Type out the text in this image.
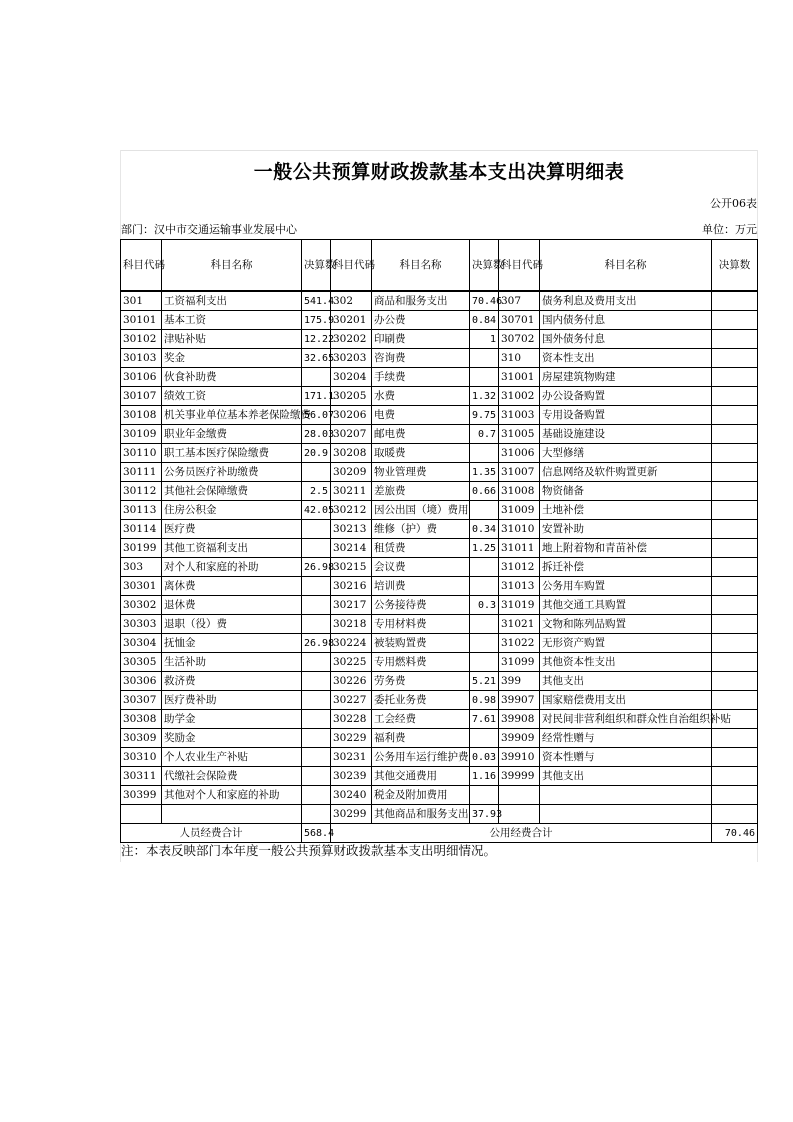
一般公共预算财政拨款基本支出决算明细表
公开06表
部门：汉中市交通运输事业发展中心	单位：万元
科目代码	科目名称	决算数	科目代码	科目名称	决算数	科目代码	科目名称	决算数
301	工资福利支出	541.4	302	商品和服务支出	70.46	307	债务利息及费用支出	
30101	基本工资	175.9	30201	办公费	0.84	30701	国内债务付息	
30102	津贴补贴	12.22	30202	印刷费	1	30702	国外债务付息	
30103	奖金	32.65	30203	咨询费		310	资本性支出	
30106	伙食补助费		30204	手续费		31001	房屋建筑物购建	
30107	绩效工资	171.1	30205	水费	1.32	31002	办公设备购置	
30108	机关事业单位基本养老保险缴费	56.07	30206	电费	9.75	31003	专用设备购置	
30109	职业年金缴费	28.03	30207	邮电费	0.7	31005	基础设施建设	
30110	职工基本医疗保险缴费	20.9	30208	取暖费		31006	大型修缮	
30111	公务员医疗补助缴费		30209	物业管理费	1.35	31007	信息网络及软件购置更新	
30112	其他社会保障缴费	2.5	30211	差旅费	0.66	31008	物资储备	
30113	住房公积金	42.05	30212	因公出国（境）费用		31009	土地补偿	
30114	医疗费		30213	维修（护）费	0.34	31010	安置补助	
30199	其他工资福利支出		30214	租赁费	1.25	31011	地上附着物和青苗补偿	
303	对个人和家庭的补助	26.98	30215	会议费		31012	拆迁补偿	
30301	离休费		30216	培训费		31013	公务用车购置	
30302	退休费		30217	公务接待费	0.3	31019	其他交通工具购置	
30303	退职（役）费		30218	专用材料费		31021	文物和陈列品购置	
30304	抚恤金	26.98	30224	被装购置费		31022	无形资产购置	
30305	生活补助		30225	专用燃料费		31099	其他资本性支出	
30306	救济费		30226	劳务费	5.21	399	其他支出	
30307	医疗费补助		30227	委托业务费	0.98	39907	国家赔偿费用支出	
30308	助学金		30228	工会经费	7.61	39908	对民间非营利组织和群众性自治组织补贴	
30309	奖励金		30229	福利费		39909	经常性赠与	
30310	个人农业生产补贴		30231	公务用车运行维护费	0.03	39910	资本性赠与	
30311	代缴社会保险费		30239	其他交通费用	1.16	39999	其他支出	
30399	其他对个人和家庭的补助		30240	税金及附加费用				
			30299	其他商品和服务支出	37.93			
人员经费合计		568.4	公用经费合计					70.46
注：本表反映部门本年度一般公共预算财政拨款基本支出明细情况。
